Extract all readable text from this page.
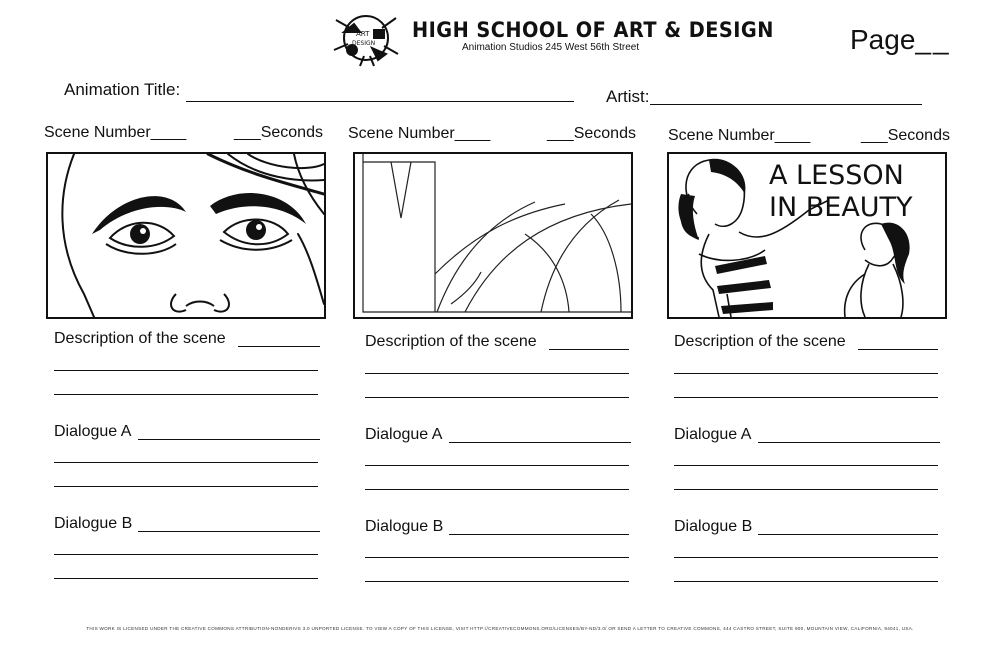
ART
DESIGN
HIGH SCHOOL OF ART & DESIGN
Animation Studios 245 West 56th Street	Page__
Animation Title:	Artist:
Scene Number____	___Seconds
Description of the scene
Dialogue A
Dialogue B
Scene Number____	___Seconds
Description of the scene
Dialogue A
Dialogue B
Scene Number____	___Seconds
A LESSON
IN BEAUTY
Description of the scene
Dialogue A
Dialogue B
THIS WORK IS LICENSED UNDER THE CREATIVE COMMONS ATTRIBUTION-NONDERIVS 3.0 UNPORTED LICENSE. TO VIEW A COPY OF THIS LICENSE, VISIT HTTP://CREATIVECOMMONS.ORG/LICENSES/BY-ND/3.0/ OR SEND A LETTER TO CREATIVE COMMONS, 444 CASTRO STREET, SUITE 900, MOUNTAIN VIEW, CALIFORNIA, 94041, USA.
